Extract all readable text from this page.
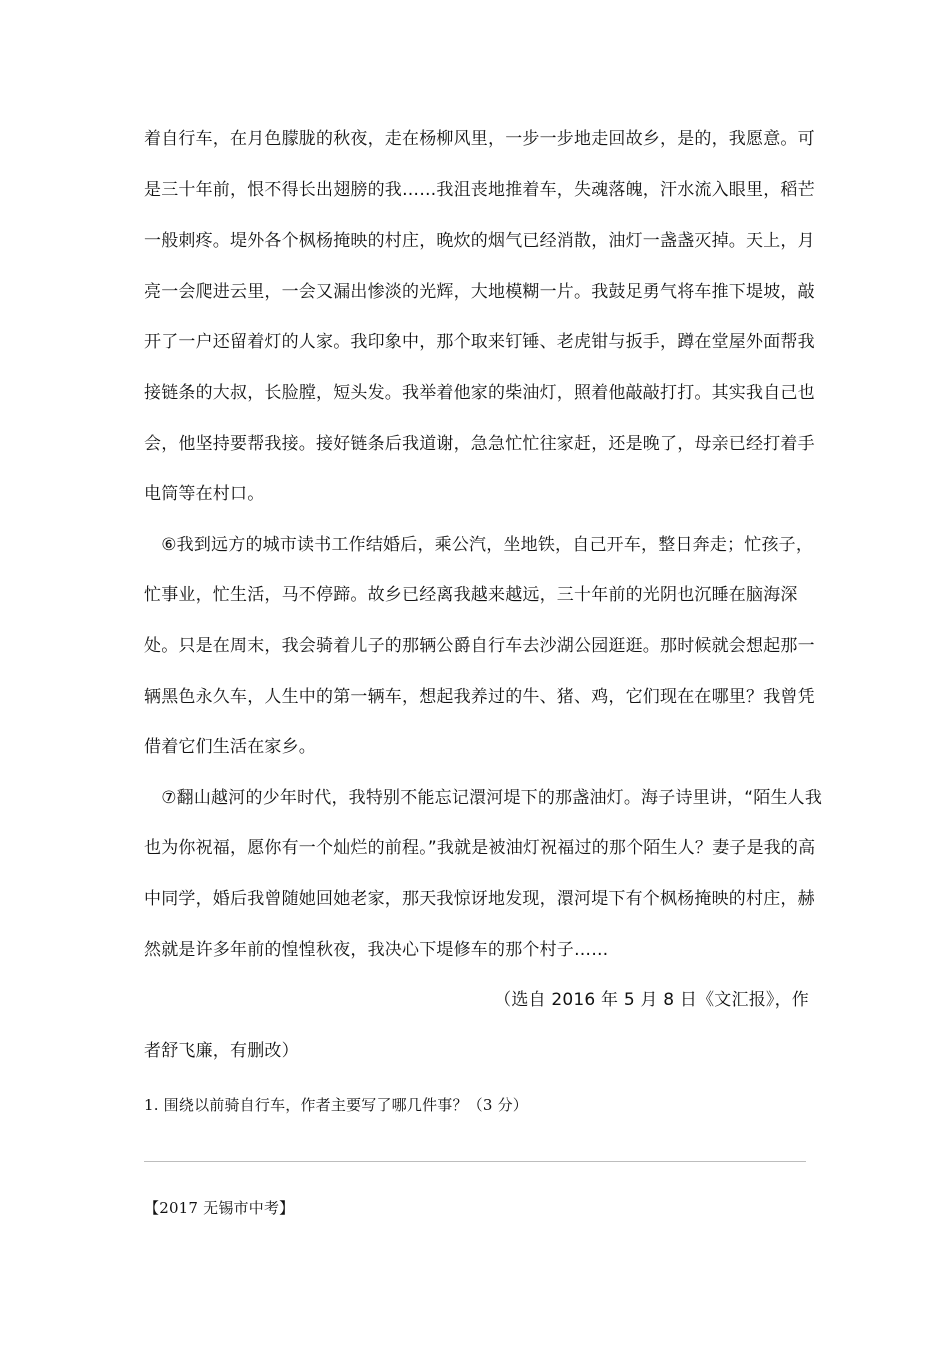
着自行车，在月色朦胧的秋夜，走在杨柳风里，一步一步地走回故乡，是的，我愿意。可
是三十年前，恨不得长出翅膀的我……我沮丧地推着车，失魂落魄，汗水流入眼里，稻芒
一般刺疼。堤外各个枫杨掩映的村庄，晚炊的烟气已经消散，油灯一盏盏灭掉。天上，月
亮一会爬进云里，一会又漏出惨淡的光辉，大地模糊一片。我鼓足勇气将车推下堤坡，敲
开了一户还留着灯的人家。我印象中，那个取来钉锤、老虎钳与扳手，蹲在堂屋外面帮我
接链条的大叔，长脸膛，短头发。我举着他家的柴油灯，照着他敲敲打打。其实我自己也
会，他坚持要帮我接。接好链条后我道谢，急急忙忙往家赶，还是晚了，母亲已经打着手
电筒等在村口。
　⑥我到远方的城市读书工作结婚后，乘公汽，坐地铁，自己开车，整日奔走；忙孩子，
忙事业，忙生活，马不停蹄。故乡已经离我越来越远，三十年前的光阴也沉睡在脑海深
处。只是在周末，我会骑着儿子的那辆公爵自行车去沙湖公园逛逛。那时候就会想起那一
辆黑色永久车，人生中的第一辆车，想起我养过的牛、猪、鸡，它们现在在哪里？我曾凭
借着它们生活在家乡。
　⑦翻山越河的少年时代，我特别不能忘记澴河堤下的那盏油灯。海子诗里讲，“陌生人我
也为你祝福，愿你有一个灿烂的前程。”我就是被油灯祝福过的那个陌生人？妻子是我的高
中同学，婚后我曾随她回她老家，那天我惊讶地发现，澴河堤下有个枫杨掩映的村庄，赫
然就是许多年前的惶惶秋夜，我决心下堤修车的那个村子……
（选自 2016 年 5 月 8 日《文汇报》，作
者舒飞廉，有删改）
1. 围绕以前骑自行车，作者主要写了哪几件事？（3 分）
【2017 无锡市中考】
